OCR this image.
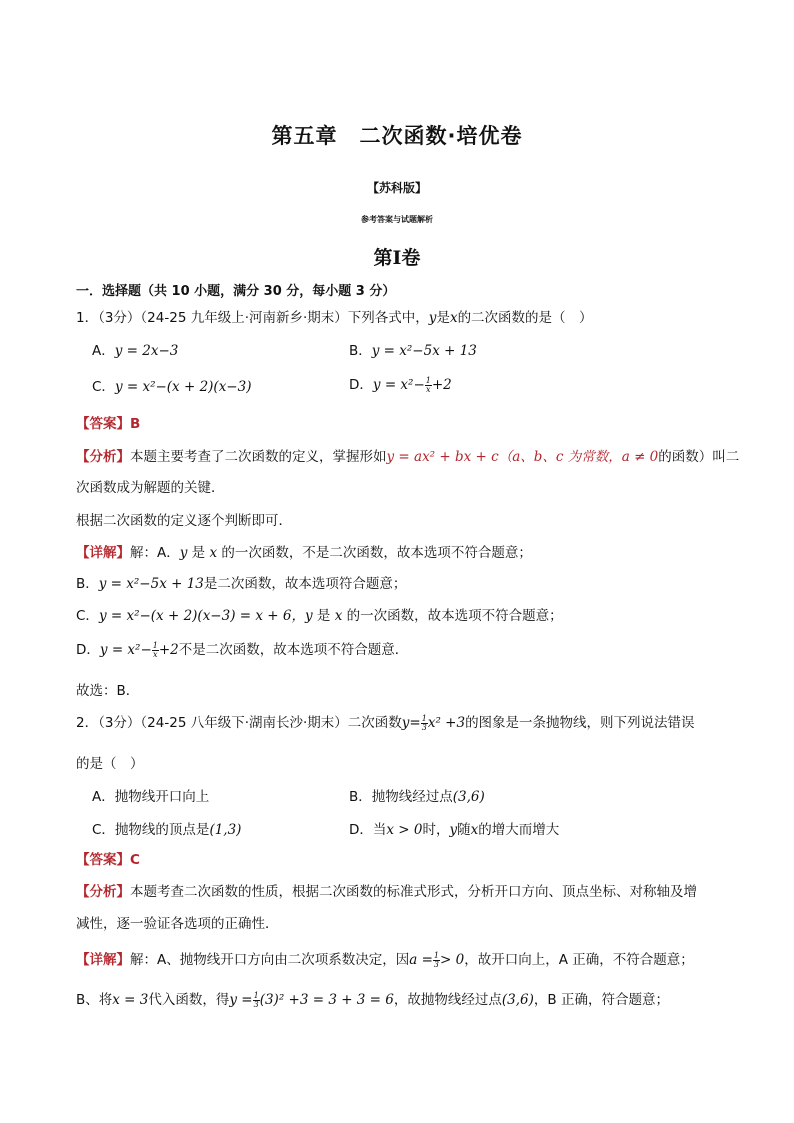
第五章　二次函数·培优卷
【苏科版】
参考答案与试题解析
第Ⅰ卷
一．选择题（共 10 小题，满分 30 分，每小题 3 分）
1．（3分）（24-25 九年级上·河南新乡·期末）下列各式中，y是x的二次函数的是（　）
A．y = 2x−3	B．y = x²−5x + 13
C．y = x²−(x + 2)(x−3)	D．$y = x^2- \frac{1}{x} +2$
【答案】B
【分析】本题主要考查了二次函数的定义，掌握形如y = ax² + bx + c（a、b、c 为常数，a ≠ 0的函数）叫二
次函数成为解题的关键．
根据二次函数的定义逐个判断即可．
【详解】解：A．y 是 x 的一次函数，不是二次函数，故本选项不符合题意；
B．y = x²−5x + 13是二次函数，故本选项符合题意；
C．y = x²−(x + 2)(x−3) = x + 6，y 是 x 的一次函数，故本选项不符合题意；
D．$y = x^2- \frac{1}{x} +2$不是二次函数，故本选项不符合题意．
故选：B．
2．（3分）（24-25 八年级下·湖南长沙·期末）二次函数$y= \frac{1}{3} x^2 +3$的图象是一条抛物线，则下列说法错误
的是（　）
A．抛物线开口向上	B．抛物线经过点(3,6)
C．抛物线的顶点是(1,3)	D．当x > 0时，y随x的增大而增大
【答案】C
【分析】本题考查二次函数的性质，根据二次函数的标准式形式，分析开口方向、顶点坐标、对称轴及增
减性，逐一验证各选项的正确性．
【详解】解：A、抛物线开口方向由二次项系数决定，因$a = \frac{1}{3} > 0$，故开口向上，A 正确，不符合题意；
B、将x = 3代入函数，得$y = \frac{1}{3} (3)^2 +3 = 3 + 3 = 6$，故抛物线经过点(3,6)，B 正确，符合题意；
